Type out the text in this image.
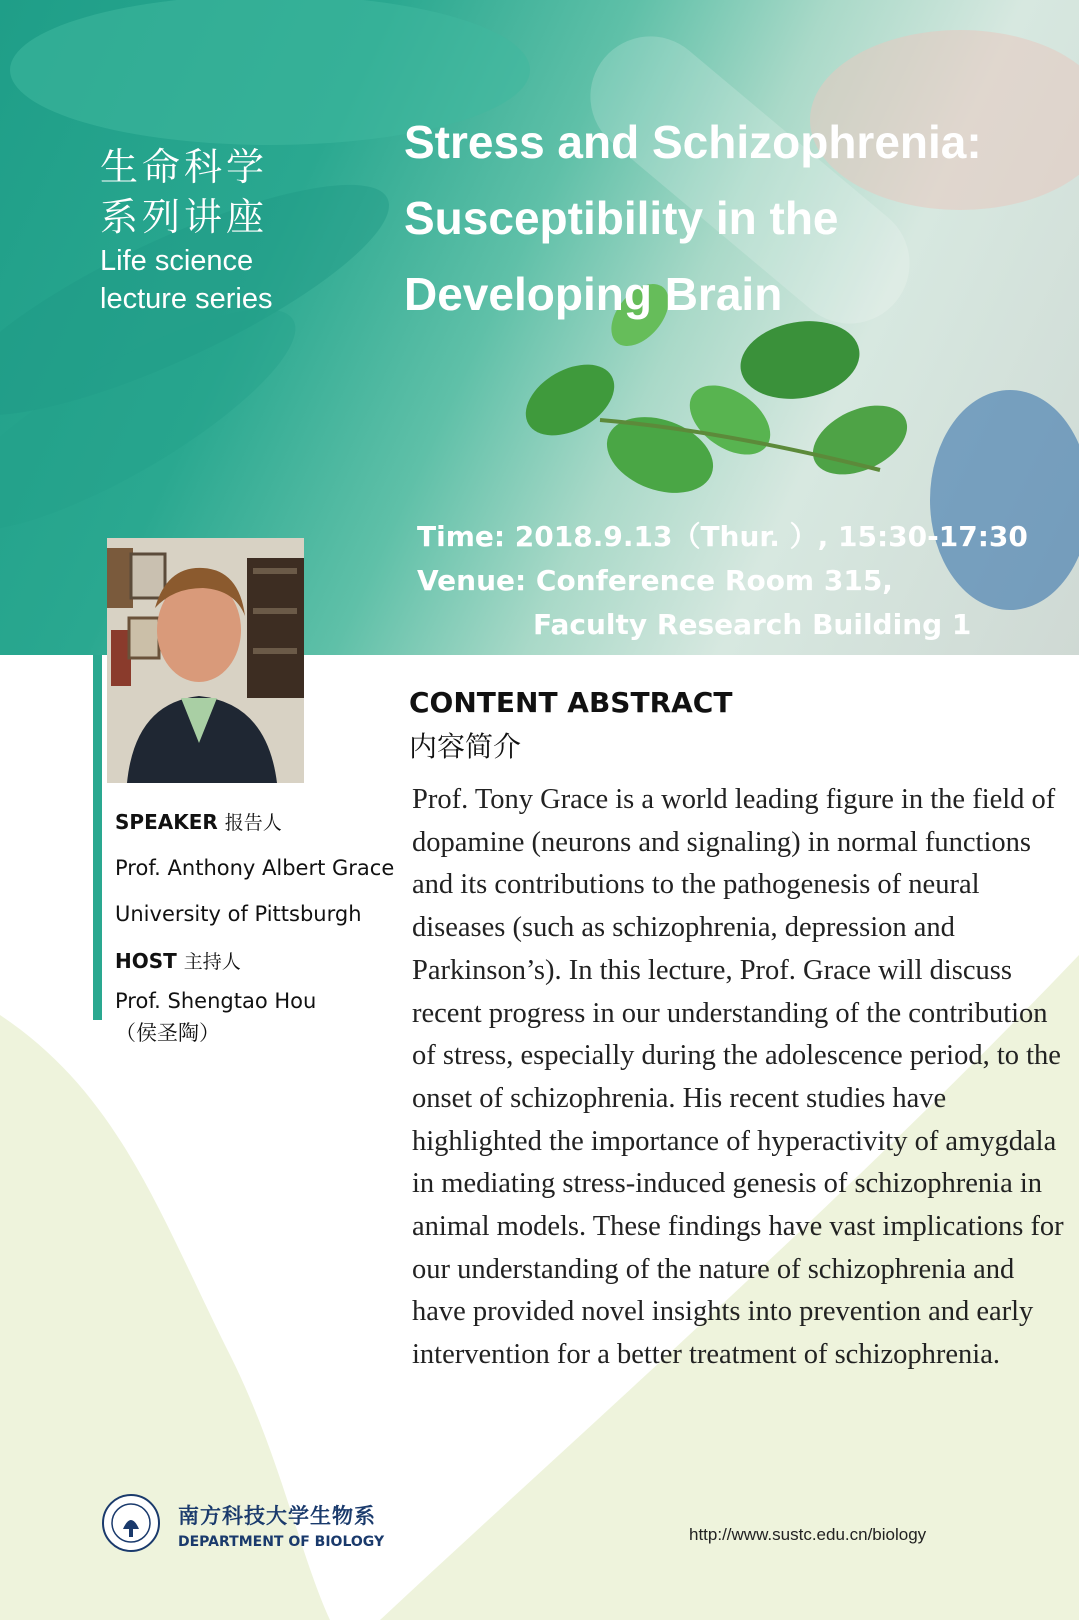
生命科学
系列讲座
Life science
lecture series
Stress and Schizophrenia:
Susceptibility in the
Developing Brain
Time: 2018.9.13（Thur. ）, 15:30-17:30
Venue: Conference Room 315,
Faculty Research Building 1
SPEAKER 报告人
Prof. Anthony Albert Grace
University of Pittsburgh
HOST 主持人
Prof. Shengtao Hou
（侯圣陶）
CONTENT ABSTRACT
内容简介
Prof. Tony Grace is a world leading figure in the field of dopamine (neurons and signaling) in normal functions and its contributions to the pathogenesis of neural diseases (such as schizophrenia, depression and Parkinson’s). In this lecture, Prof. Grace will discuss recent progress in our understanding of the contribution of stress, especially during the adolescence period, to the onset of schizophrenia. His recent studies have highlighted the importance of hyperactivity of amygdala in mediating stress-induced genesis of schizophrenia in animal models. These findings have vast implications for our understanding of the nature of schizophrenia and have provided novel insights into prevention and early intervention for a better treatment of schizophrenia.
南方科技大学生物系
DEPARTMENT OF BIOLOGY	http://www.sustc.edu.cn/biology
